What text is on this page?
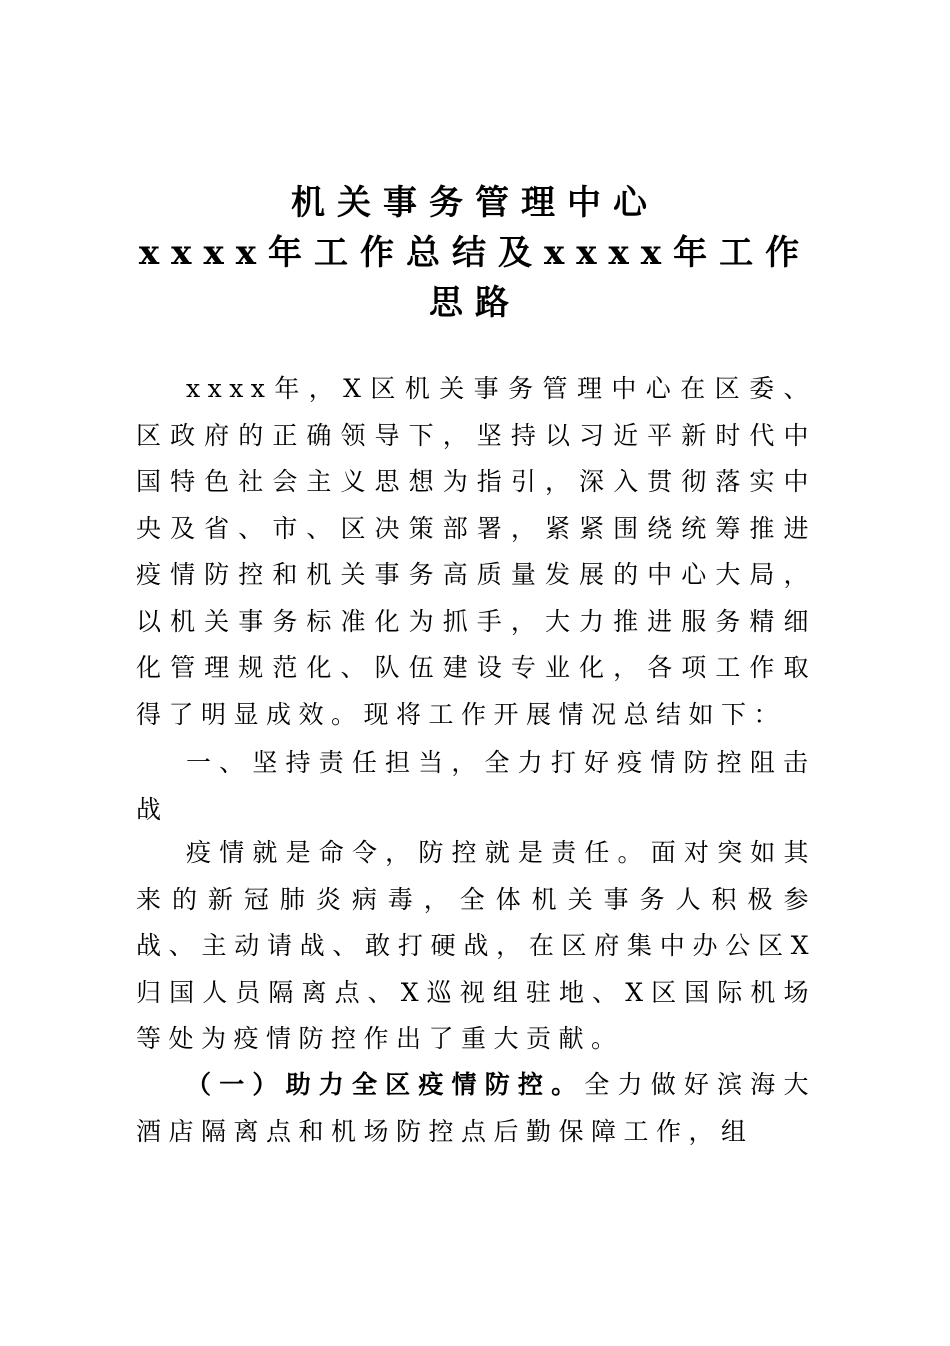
机关事务管理中心
xxxx年工作总结及xxxx年工作思路

xxxx年，X区机关事务管理中心在区委、区政府的正确领导下，坚持以习近平新时代中国特色社会主义思想为指引，深入贯彻落实中央及省、市、区决策部署，紧紧围绕统筹推进疫情防控和机关事务高质量发展的中心大局，以机关事务标准化为抓手，大力推进服务精细化管理规范化、队伍建设专业化，各项工作取得了明显成效。现将工作开展情况总结如下：

一、坚持责任担当，全力打好疫情防控阻击战

疫情就是命令，防控就是责任。面对突如其来的新冠肺炎病毒，全体机关事务人积极参战、主动请战、敢打硬战，在区府集中办公区X归国人员隔离点、X巡视组驻地、X区国际机场等处为疫情防控作出了重大贡献。

（一）助力全区疫情防控。全力做好滨海大酒店隔离点和机场防控点后勤保障工作，组
